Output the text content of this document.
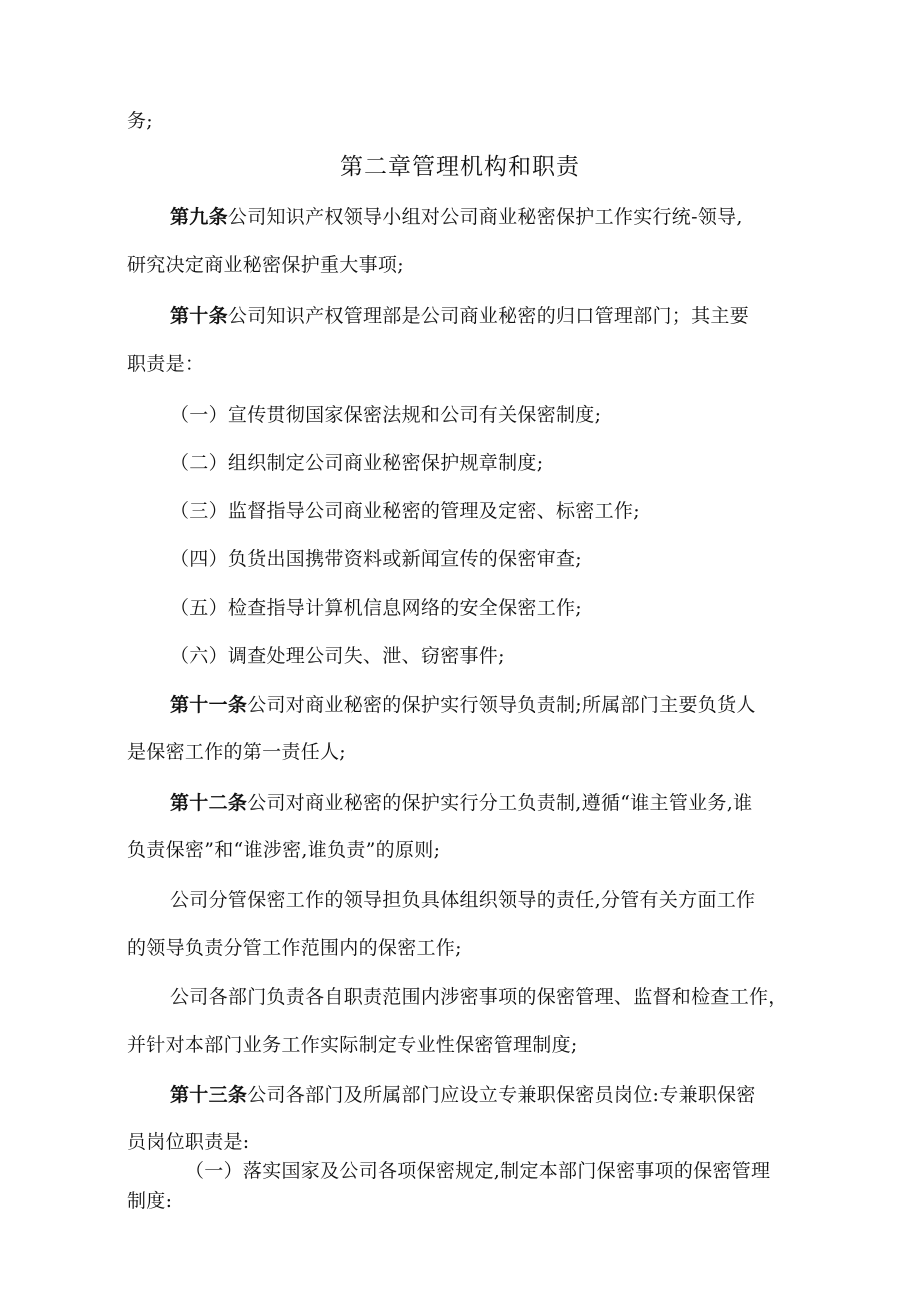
务;
第二章管理机构和职责
第九条公司知识产权领导小组对公司商业秘密保护工作实行统-领导,
研究决定商业秘密保护重大事项;
第十条公司知识产权管理部是公司商业秘密的归口管理部门；其主要
职责是：
（一）宣传贯彻国家保密法规和公司有关保密制度;
（二）组织制定公司商业秘密保护规章制度;
（三）监督指导公司商业秘密的管理及定密、标密工作;
（四）负货出国携带资料或新闻宣传的保密审查;
（五）检查指导计算机信息网络的安全保密工作;
（六）调查处理公司失、泄、窃密事件;
第十一条公司对商业秘密的保护实行领导负责制;所属部门主要负货人
是保密工作的第一责任人;
第十二条公司对商业秘密的保护实行分工负责制,遵循“谁主管业务,谁
负责保密”和“谁涉密,谁负责”的原则;
公司分管保密工作的领导担负具体组织领导的责任,分管有关方面工作
的领导负责分管工作范围内的保密工作;
公司各部门负责各自职责范围内涉密事项的保密管理、监督和检查工作，
并针对本部门业务工作实际制定专业性保密管理制度;
第十三条公司各部门及所属部门应设立专兼职保密员岗位:专兼职保密
员岗位职责是:
（一）落实国家及公司各项保密规定,制定本部门保密事项的保密管理
制度:
